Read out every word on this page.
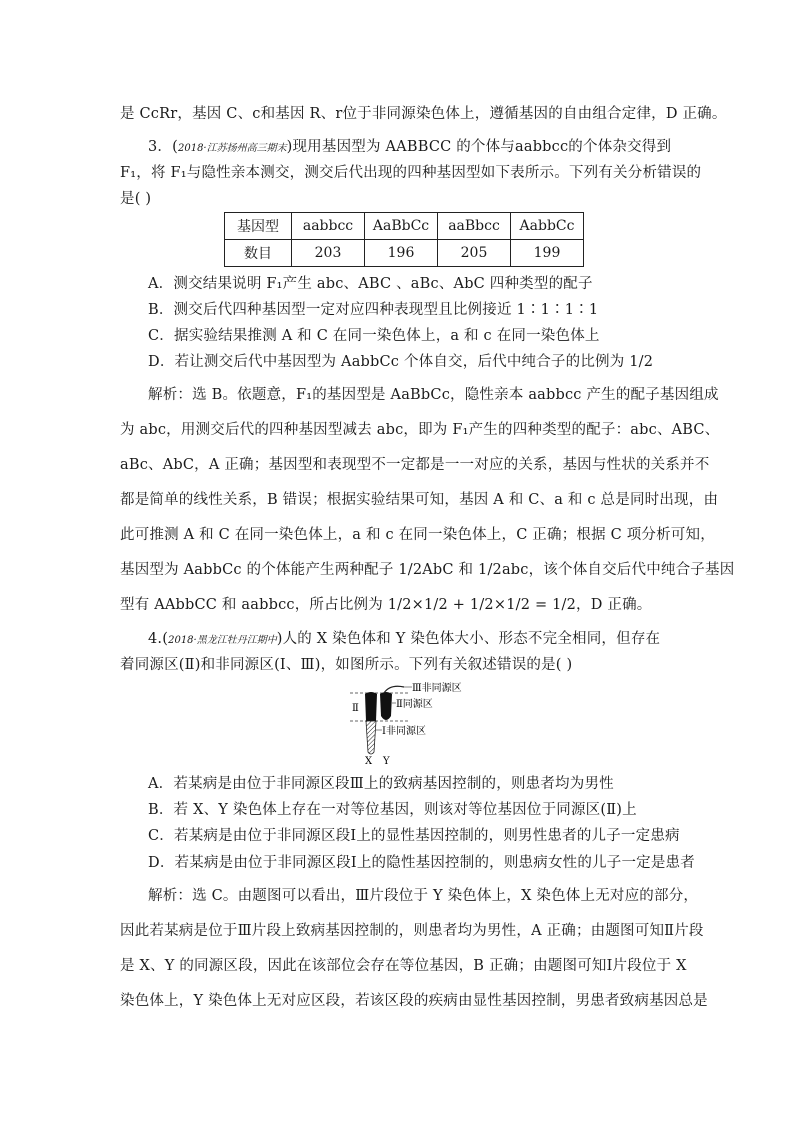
是 CcRr，基因 C、c和基因 R、r位于非同源染色体上，遵循基因的自由组合定律，D 正确。
3．(2018·江苏扬州高三期末)现用基因型为 AABBCC 的个体与aabbcc的个体杂交得到
F₁，将 F₁与隐性亲本测交，测交后代出现的四种基因型如下表所示。下列有关分析错误的
是( )
基因型	aabbcc	AaBbCc	aaBbcc	AabbCc
数目	203	196	205	199
A．测交结果说明 F₁产生 abc、ABC 、aBc、AbC 四种类型的配子
B．测交后代四种基因型一定对应四种表现型且比例接近 1∶1∶1∶1
C．据实验结果推测 A 和 C 在同一染色体上，a 和 c 在同一染色体上
D．若让测交后代中基因型为 AabbCc 个体自交，后代中纯合子的比例为 1/2
解析：选 B。依题意，F₁的基因型是 AaBbCc，隐性亲本 aabbcc 产生的配子基因组成
为 abc，用测交后代的四种基因型减去 abc，即为 F₁产生的四种类型的配子：abc、ABC、
aBc、AbC，A 正确；基因型和表现型不一定都是一一对应的关系，基因与性状的关系并不
都是简单的线性关系，B 错误；根据实验结果可知，基因 A 和 C、a 和 c 总是同时出现，由
此可推测 A 和 C 在同一染色体上，a 和 c 在同一染色体上，C 正确；根据 C 项分析可知，
基因型为 AabbCc 的个体能产生两种配子 1/2AbC 和 1/2abc，该个体自交后代中纯合子基因
型有 AAbbCC 和 aabbcc，所占比例为 1/2×1/2 + 1/2×1/2 = 1/2，D 正确。
4.(2018·黑龙江牡丹江期中)人的 X 染色体和 Y 染色体大小、形态不完全相同，但存在
着同源区(Ⅱ)和非同源区(Ⅰ、Ⅲ)，如图所示。下列有关叙述错误的是( )
Ⅲ非同源区
Ⅱ同源区
Ⅱ
Ⅰ非同源区
X Y
A．若某病是由位于非同源区段Ⅲ上的致病基因控制的，则患者均为男性
B．若 X、Y 染色体上存在一对等位基因，则该对等位基因位于同源区(Ⅱ)上
C．若某病是由位于非同源区段Ⅰ上的显性基因控制的，则男性患者的儿子一定患病
D．若某病是由位于非同源区段Ⅰ上的隐性基因控制的，则患病女性的儿子一定是患者
解析：选 C。由题图可以看出，Ⅲ片段位于 Y 染色体上，X 染色体上无对应的部分，
因此若某病是位于Ⅲ片段上致病基因控制的，则患者均为男性，A 正确；由题图可知Ⅱ片段
是 X、Y 的同源区段，因此在该部位会存在等位基因，B 正确；由题图可知Ⅰ片段位于 X
染色体上，Y 染色体上无对应区段，若该区段的疾病由显性基因控制，男患者致病基因总是
